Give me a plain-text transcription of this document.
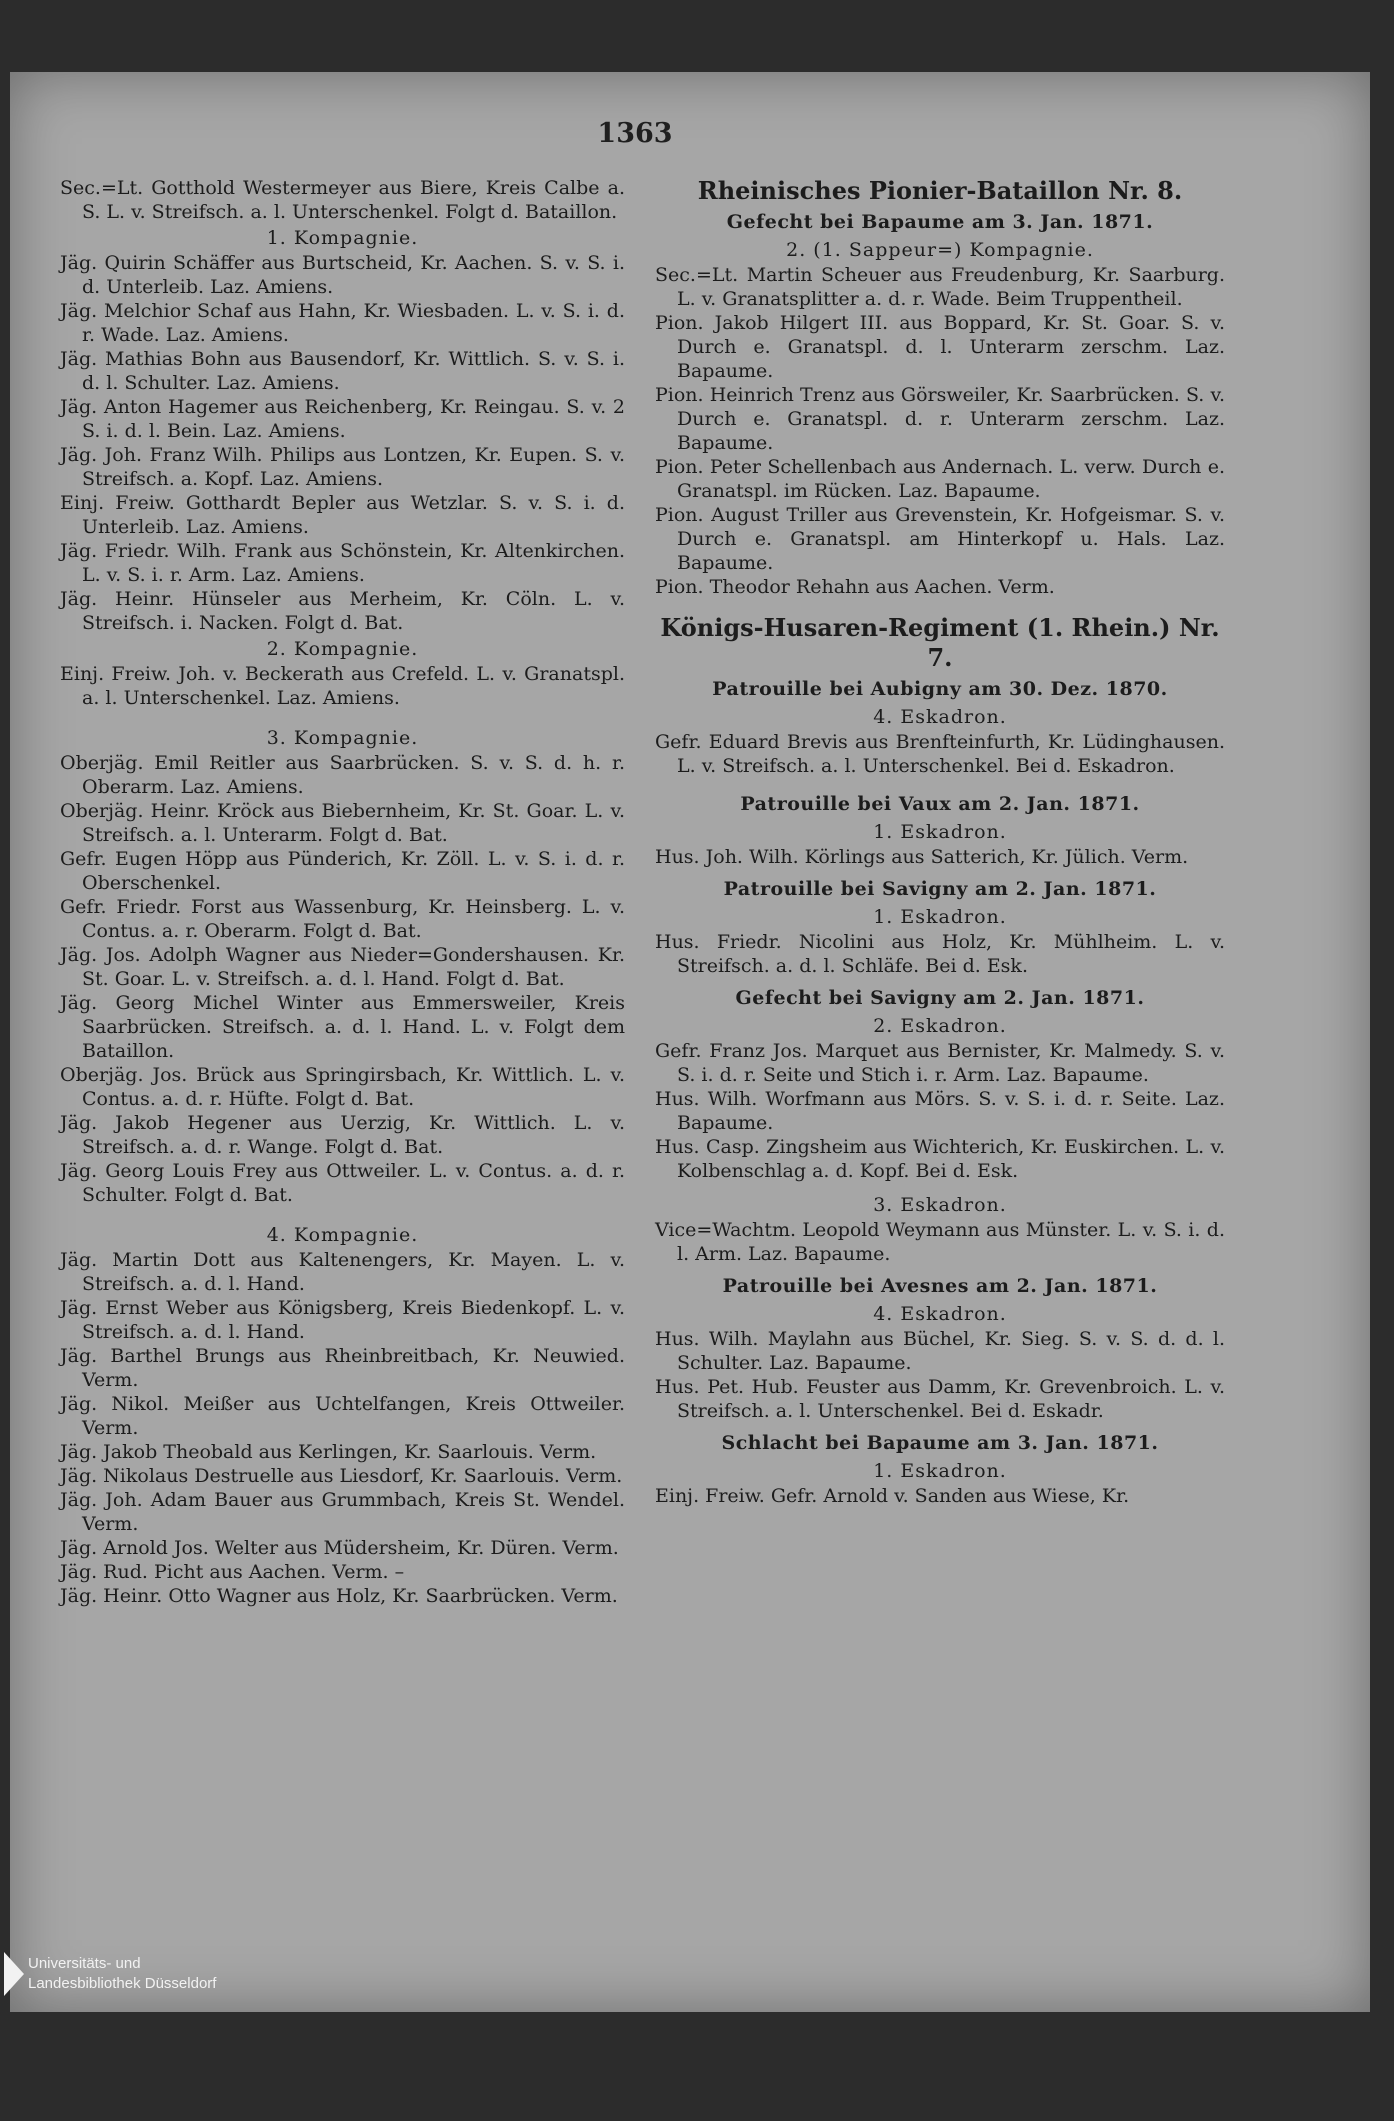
1363

Sec.=Lt. Gotthold Westermeyer aus Biere, Kreis Calbe a. S. L. v. Streifsch. a. l. Unterschenkel. Folgt d. Bataillon.

1. Kompagnie.

Jäg. Quirin Schäffer aus Burtscheid, Kr. Aachen. S. v. S. i. d. Unterleib. Laz. Amiens.

Jäg. Melchior Schaf aus Hahn, Kr. Wiesbaden. L. v. S. i. d. r. Wade. Laz. Amiens.

Jäg. Mathias Bohn aus Bausendorf, Kr. Wittlich. S. v. S. i. d. l. Schulter. Laz. Amiens.

Jäg. Anton Hagemer aus Reichenberg, Kr. Reingau. S. v. 2 S. i. d. l. Bein. Laz. Amiens.

Jäg. Joh. Franz Wilh. Philips aus Lontzen, Kr. Eupen. S. v. Streifsch. a. Kopf. Laz. Amiens.

Einj. Freiw. Gotthardt Bepler aus Wetzlar. S. v. S. i. d. Unterleib. Laz. Amiens.

Jäg. Friedr. Wilh. Frank aus Schönstein, Kr. Altenkirchen. L. v. S. i. r. Arm. Laz. Amiens.

Jäg. Heinr. Hünseler aus Merheim, Kr. Cöln. L. v. Streifsch. i. Nacken. Folgt d. Bat.

2. Kompagnie.

Einj. Freiw. Joh. v. Beckerath aus Crefeld. L. v. Granatspl. a. l. Unterschenkel. Laz. Amiens.

3. Kompagnie.

Oberjäg. Emil Reitler aus Saarbrücken. S. v. S. d. h. r. Oberarm. Laz. Amiens.

Oberjäg. Heinr. Kröck aus Biebernheim, Kr. St. Goar. L. v. Streifsch. a. l. Unterarm. Folgt d. Bat.

Gefr. Eugen Höpp aus Pünderich, Kr. Zöll. L. v. S. i. d. r. Oberschenkel.

Gefr. Friedr. Forst aus Wassenburg, Kr. Heinsberg. L. v. Contus. a. r. Oberarm. Folgt d. Bat.

Jäg. Jos. Adolph Wagner aus Nieder=Gondershausen. Kr. St. Goar. L. v. Streifsch. a. d. l. Hand. Folgt d. Bat.

Jäg. Georg Michel Winter aus Emmersweiler, Kreis Saarbrücken. Streifsch. a. d. l. Hand. L. v. Folgt dem Bataillon.

Oberjäg. Jos. Brück aus Springirsbach, Kr. Wittlich. L. v. Contus. a. d. r. Hüfte. Folgt d. Bat.

Jäg. Jakob Hegener aus Uerzig, Kr. Wittlich. L. v. Streifsch. a. d. r. Wange. Folgt d. Bat.

Jäg. Georg Louis Frey aus Ottweiler. L. v. Contus. a. d. r. Schulter. Folgt d. Bat.

4. Kompagnie.

Jäg. Martin Dott aus Kaltenengers, Kr. Mayen. L. v. Streifsch. a. d. l. Hand.

Jäg. Ernst Weber aus Königsberg, Kreis Biedenkopf. L. v. Streifsch. a. d. l. Hand.

Jäg. Barthel Brungs aus Rheinbreitbach, Kr. Neuwied. Verm.

Jäg. Nikol. Meißer aus Uchtelfangen, Kreis Ottweiler. Verm.

Jäg. Jakob Theobald aus Kerlingen, Kr. Saarlouis. Verm.

Jäg. Nikolaus Destruelle aus Liesdorf, Kr. Saarlouis. Verm.

Jäg. Joh. Adam Bauer aus Grummbach, Kreis St. Wendel. Verm.

Jäg. Arnold Jos. Welter aus Müdersheim, Kr. Düren. Verm.

Jäg. Rud. Picht aus Aachen. Verm. –

Jäg. Heinr. Otto Wagner aus Holz, Kr. Saarbrücken. Verm.

Rheinisches Pionier-Bataillon Nr. 8.

Gefecht bei Bapaume am 3. Jan. 1871.

2. (1. Sappeur=) Kompagnie.

Sec.=Lt. Martin Scheuer aus Freudenburg, Kr. Saarburg. L. v. Granatsplitter a. d. r. Wade. Beim Truppentheil.

Pion. Jakob Hilgert III. aus Boppard, Kr. St. Goar. S. v. Durch e. Granatspl. d. l. Unterarm zerschm. Laz. Bapaume.

Pion. Heinrich Trenz aus Görsweiler, Kr. Saarbrücken. S. v. Durch e. Granatspl. d. r. Unterarm zerschm. Laz. Bapaume.

Pion. Peter Schellenbach aus Andernach. L. verw. Durch e. Granatspl. im Rücken. Laz. Bapaume.

Pion. August Triller aus Grevenstein, Kr. Hofgeismar. S. v. Durch e. Granatspl. am Hinterkopf u. Hals. Laz. Bapaume.

Pion. Theodor Rehahn aus Aachen. Verm.

Königs-Husaren-Regiment (1. Rhein.) Nr. 7.

Patrouille bei Aubigny am 30. Dez. 1870.

4. Eskadron.

Gefr. Eduard Brevis aus Brenfteinfurth, Kr. Lüdinghausen. L. v. Streifsch. a. l. Unterschenkel. Bei d. Eskadron.

Patrouille bei Vaux am 2. Jan. 1871.

1. Eskadron.

Hus. Joh. Wilh. Körlings aus Satterich, Kr. Jülich. Verm.

Patrouille bei Savigny am 2. Jan. 1871.

1. Eskadron.

Hus. Friedr. Nicolini aus Holz, Kr. Mühlheim. L. v. Streifsch. a. d. l. Schläfe. Bei d. Esk.

Gefecht bei Savigny am 2. Jan. 1871.

2. Eskadron.

Gefr. Franz Jos. Marquet aus Bernister, Kr. Malmedy. S. v. S. i. d. r. Seite und Stich i. r. Arm. Laz. Bapaume.

Hus. Wilh. Worfmann aus Mörs. S. v. S. i. d. r. Seite. Laz. Bapaume.

Hus. Casp. Zingsheim aus Wichterich, Kr. Euskirchen. L. v. Kolbenschlag a. d. Kopf. Bei d. Esk.

3. Eskadron.

Vice=Wachtm. Leopold Weymann aus Münster. L. v. S. i. d. l. Arm. Laz. Bapaume.

Patrouille bei Avesnes am 2. Jan. 1871.

4. Eskadron.

Hus. Wilh. Maylahn aus Büchel, Kr. Sieg. S. v. S. d. d. l. Schulter. Laz. Bapaume.

Hus. Pet. Hub. Feuster aus Damm, Kr. Grevenbroich. L. v. Streifsch. a. l. Unterschenkel. Bei d. Eskadr.

Schlacht bei Bapaume am 3. Jan. 1871.

1. Eskadron.

Einj. Freiw. Gefr. Arnold v. Sanden aus Wiese, Kr.

Universitäts- und
Landesbibliothek Düsseldorf
